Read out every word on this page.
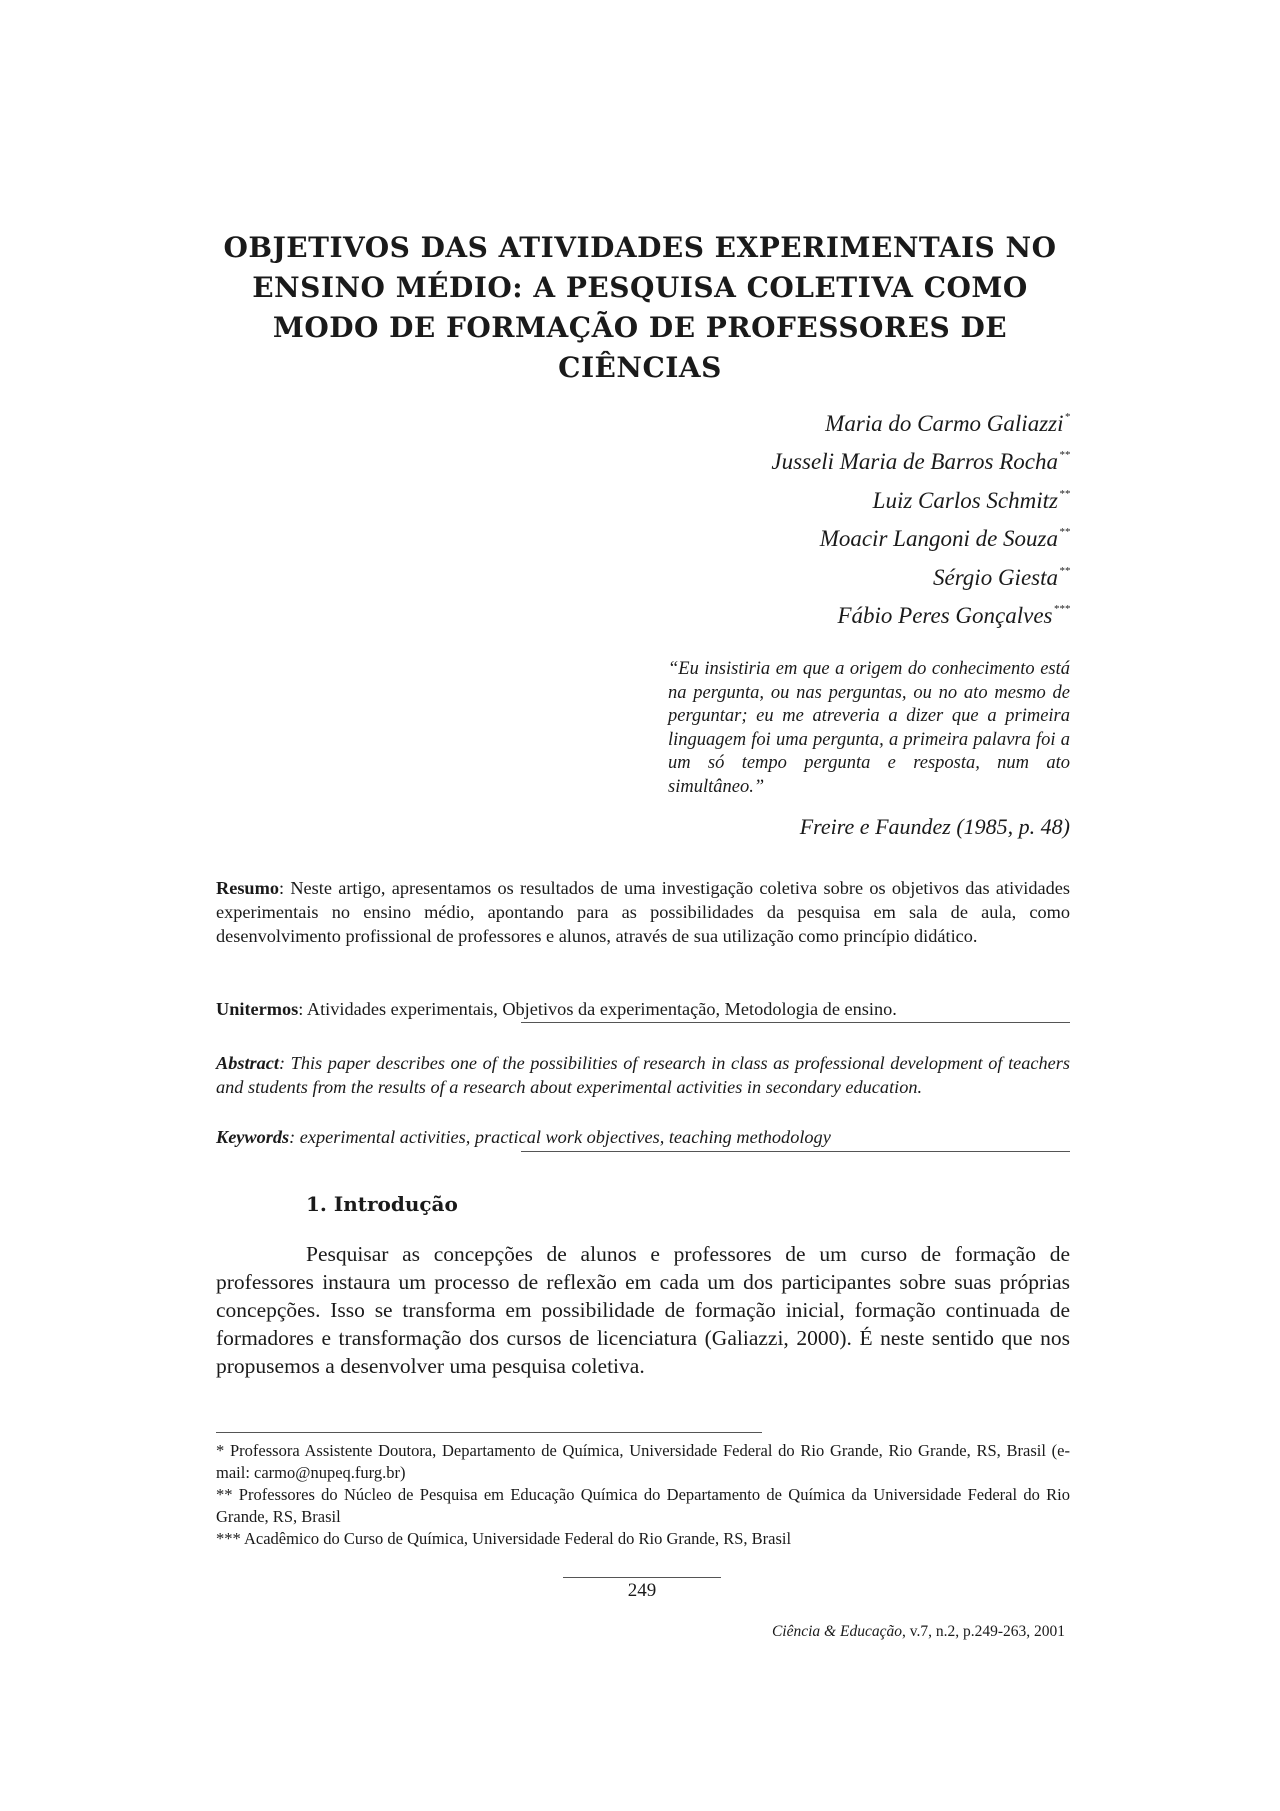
OBJETIVOS DAS ATIVIDADES EXPERIMENTAIS NO
ENSINO MÉDIO: A PESQUISA COLETIVA COMO
MODO DE FORMAÇÃO DE PROFESSORES DE
CIÊNCIAS
Maria do Carmo Galiazzi*
Jusseli Maria de Barros Rocha**
Luiz Carlos Schmitz**
Moacir Langoni de Souza**
Sérgio Giesta**
Fábio Peres Gonçalves***
“Eu insistiria em que a origem do conhecimento está na pergunta, ou nas perguntas, ou no ato mesmo de perguntar; eu me atreveria a dizer que a primeira linguagem foi uma pergunta, a primeira palavra foi a um só tempo pergunta e resposta, num ato simultâneo.”
Freire e Faundez (1985, p. 48)
Resumo: Neste artigo, apresentamos os resultados de uma investigação coletiva sobre os objetivos das atividades experimentais no ensino médio, apontando para as possibilidades da pesquisa em sala de aula, como desenvolvimento profissional de professores e alunos, através de sua utilização como princípio didático.
Unitermos: Atividades experimentais, Objetivos da experimentação, Metodologia de ensino.
Abstract: This paper describes one of the possibilities of research in class as professional development of teachers and students from the results of a research about experimental activities in secondary education.
Keywords: experimental activities, practical work objectives, teaching methodology
1. Introdução
Pesquisar as concepções de alunos e professores de um curso de formação de professores instaura um processo de reflexão em cada um dos participantes sobre suas próprias concepções. Isso se transforma em possibilidade de formação inicial, formação continuada de formadores e transformação dos cursos de licenciatura (Galiazzi, 2000). É neste sentido que nos propusemos a desenvolver uma pesquisa coletiva.

* Professora Assistente Doutora, Departamento de Química, Universidade Federal do Rio Grande, Rio Grande, RS, Brasil (e-mail: carmo@nupeq.furg.br)

** Professores do Núcleo de Pesquisa em Educação Química do Departamento de Química da Universidade Federal do Rio Grande, RS, Brasil

*** Acadêmico do Curso de Química, Universidade Federal do Rio Grande, RS, Brasil

249
Ciência & Educação, v.7, n.2, p.249-263, 2001
